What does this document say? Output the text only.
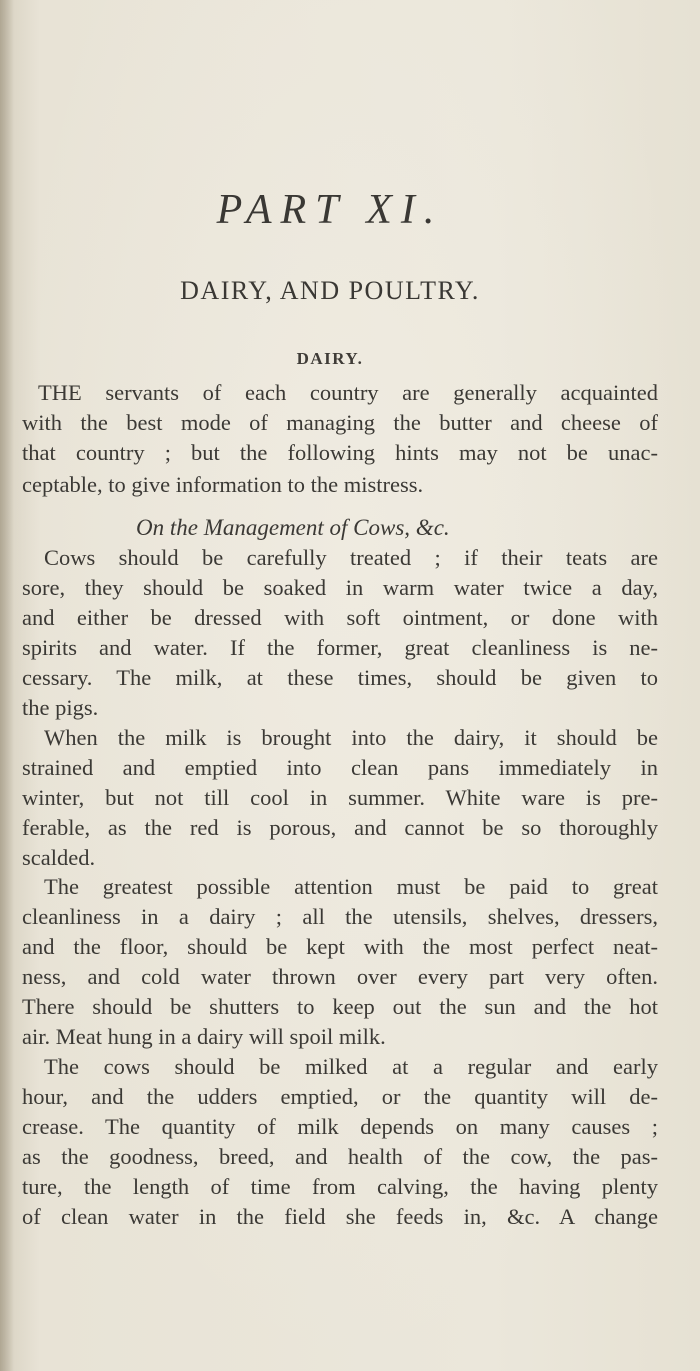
PART XI.
DAIRY, AND POULTRY.
DAIRY.
THE servants of each country are generally acquainted
with the best mode of managing the butter and cheese of
that country ; but the following hints may not be unac-
ceptable, to give information to the mistress.
On the Management of Cows, &c.
Cows should be carefully treated ; if their teats are
sore, they should be soaked in warm water twice a day,
and either be dressed with soft ointment, or done with
spirits and water. If the former, great cleanliness is ne-
cessary. The milk, at these times, should be given to
the pigs.
When the milk is brought into the dairy, it should be
strained and emptied into clean pans immediately in
winter, but not till cool in summer. White ware is pre-
ferable, as the red is porous, and cannot be so thoroughly
scalded.
The greatest possible attention must be paid to great
cleanliness in a dairy ; all the utensils, shelves, dressers,
and the floor, should be kept with the most perfect neat-
ness, and cold water thrown over every part very often.
There should be shutters to keep out the sun and the hot
air. Meat hung in a dairy will spoil milk.
The cows should be milked at a regular and early
hour, and the udders emptied, or the quantity will de-
crease. The quantity of milk depends on many causes ;
as the goodness, breed, and health of the cow, the pas-
ture, the length of time from calving, the having plenty
of clean water in the field she feeds in, &c. A change
